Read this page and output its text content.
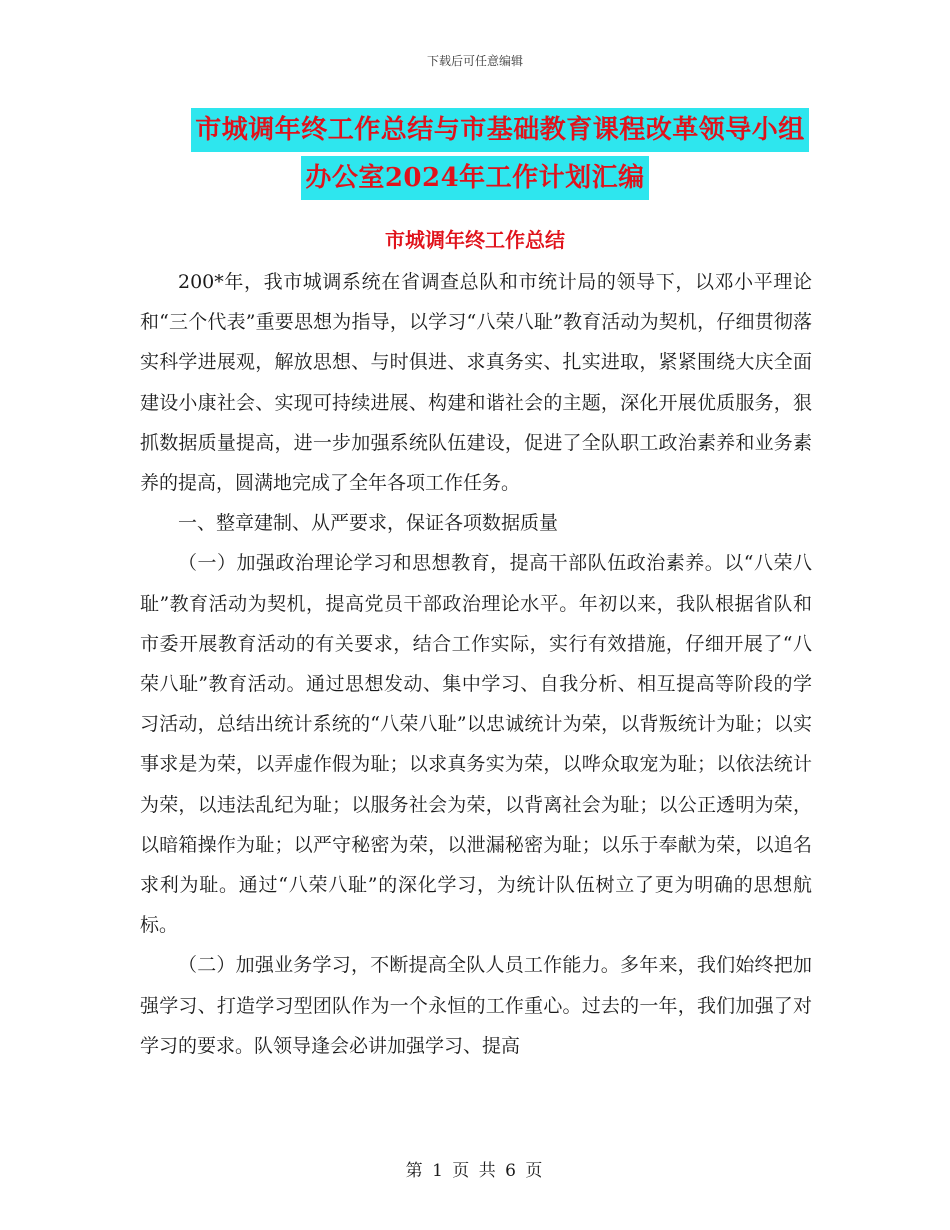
下载后可任意编辑
市城调年终工作总结与市基础教育课程改革领导小组
办公室2024年工作计划汇编
市城调年终工作总结

200*年，我市城调系统在省调查总队和市统计局的领导下，以邓小平理论和“三个代表”重要思想为指导，以学习“八荣八耻”教育活动为契机，仔细贯彻落实科学进展观，解放思想、与时俱进、求真务实、扎实进取，紧紧围绕大庆全面建设小康社会、实现可持续进展、构建和谐社会的主题，深化开展优质服务，狠抓数据质量提高，进一步加强系统队伍建设，促进了全队职工政治素养和业务素养的提高，圆满地完成了全年各项工作任务。

一、整章建制、从严要求，保证各项数据质量

（一）加强政治理论学习和思想教育，提高干部队伍政治素养。以“八荣八耻”教育活动为契机，提高党员干部政治理论水平。年初以来，我队根据省队和市委开展教育活动的有关要求，结合工作实际，实行有效措施，仔细开展了“八荣八耻”教育活动。通过思想发动、集中学习、自我分析、相互提高等阶段的学习活动，总结出统计系统的“八荣八耻”以忠诚统计为荣，以背叛统计为耻；以实事求是为荣，以弄虚作假为耻；以求真务实为荣，以哗众取宠为耻；以依法统计为荣，以违法乱纪为耻；以服务社会为荣，以背离社会为耻；以公正透明为荣，以暗箱操作为耻；以严守秘密为荣，以泄漏秘密为耻；以乐于奉献为荣，以追名求利为耻。通过“八荣八耻”的深化学习，为统计队伍树立了更为明确的思想航标。

（二）加强业务学习，不断提高全队人员工作能力。多年来，我们始终把加强学习、打造学习型团队作为一个永恒的工作重心。过去的一年，我们加强了对学习的要求。队领导逢会必讲加强学习、提高

第 1 页 共 6 页
